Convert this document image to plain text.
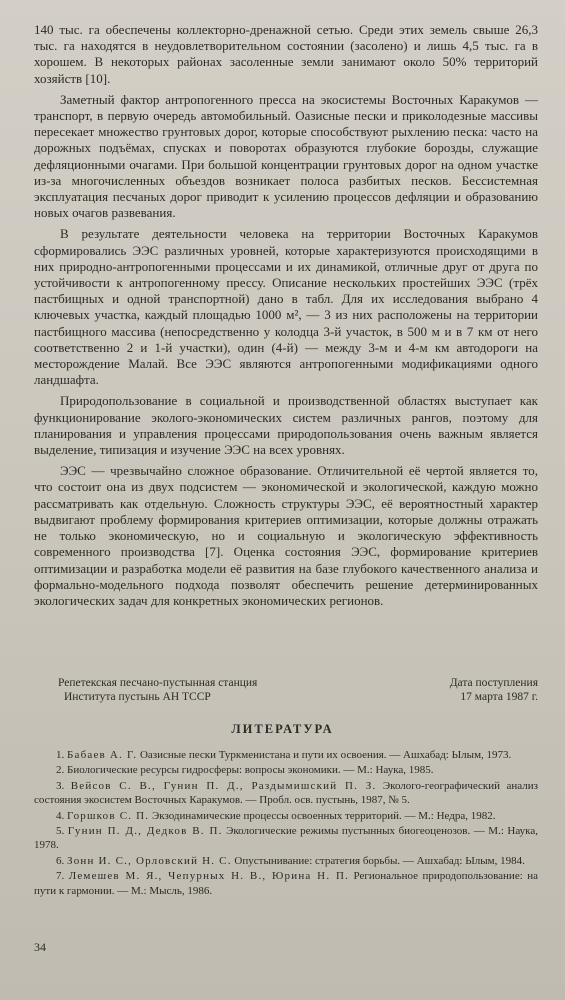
140 тыс. га обеспечены коллекторно-дренажной сетью. Среди этих земель свыше 26,3 тыс. га находятся в неудовлетворительном состоянии (засолено) и лишь 4,5 тыс. га в хорошем. В некоторых районах засоленные земли занимают около 50% территорий хозяйств [10].

Заметный фактор антропогенного пресса на экосистемы Восточных Каракумов — транспорт, в первую очередь автомобильный. Оазисные пески и приколодезные массивы пересекает множество грунтовых дорог, которые способствуют рыхлению песка: часто на дорожных подъёмах, спусках и поворотах образуются глубокие борозды, служащие дефляционными очагами. При большой концентрации грунтовых дорог на одном участке из-за многочисленных объездов возникает полоса разбитых песков. Бессистемная эксплуатация песчаных дорог приводит к усилению процессов дефляции и образованию новых очагов развевания.

В результате деятельности человека на территории Восточных Каракумов сформировались ЭЭС различных уровней, которые характеризуются происходящими в них природно-антропогенными процессами и их динамикой, отличные друг от друга по устойчивости к антропогенному прессу. Описание нескольких простейших ЭЭС (трёх пастбищных и одной транспортной) дано в табл. Для их исследования выбрано 4 ключевых участка, каждый площадью 1000 м², — 3 из них расположены на территории пастбищного массива (непосредственно у колодца 3-й участок, в 500 м и в 7 км от него соответственно 2 и 1-й участки), один (4-й) — между 3-м и 4-м км автодороги на месторождение Малай. Все ЭЭС являются антропогенными модификациями одного ландшафта.

Природопользование в социальной и производственной областях выступает как функционирование эколого-экономических систем различных рангов, поэтому для планирования и управления процессами природопользования очень важным является выделение, типизация и изучение ЭЭС на всех уровнях.

ЭЭС — чрезвычайно сложное образование. Отличительной её чертой является то, что состоит она из двух подсистем — экономической и экологической, каждую можно рассматривать как отдельную. Сложность структуры ЭЭС, её вероятностный характер выдвигают проблему формирования критериев оптимизации, которые должны отражать не только экономическую, но и социальную и экологическую эффективность современного производства [7]. Оценка состояния ЭЭС, формирование критериев оптимизации и разработка модели её развития на базе глубокого качественного анализа и формально-модельного подхода позволят обеспечить решение детерминированных экологических задач для конкретных экономических регионов.

Репетекская песчано-пустынная станция
Института пустынь АН ТССР
Дата поступления
17 марта 1987 г.
ЛИТЕРАТУРА
1. Бабаев А. Г. Оазисные пески Туркменистана и пути их освоения. — Ашхабад: Ылым, 1973.
2. Биологические ресурсы гидросферы: вопросы экономики. — М.: Наука, 1985.
3. Вейсов С. В., Гунин П. Д., Раздымишский П. З. Эколого-географический анализ состояния экосистем Восточных Каракумов. — Пробл. осв. пустынь, 1987, № 5.
4. Горшков С. П. Экзодинамические процессы освоенных территорий. — М.: Недра, 1982.
5. Гунин П. Д., Дедков В. П. Экологические режимы пустынных биогеоценозов. — М.: Наука, 1978.
6. Зонн И. С., Орловский Н. С. Опустынивание: стратегия борьбы. — Ашхабад: Ылым, 1984.
7. Лемешев М. Я., Чепурных Н. В., Юрина Н. П. Региональное природопользование: на пути к гармонии. — М.: Мысль, 1986.
34
